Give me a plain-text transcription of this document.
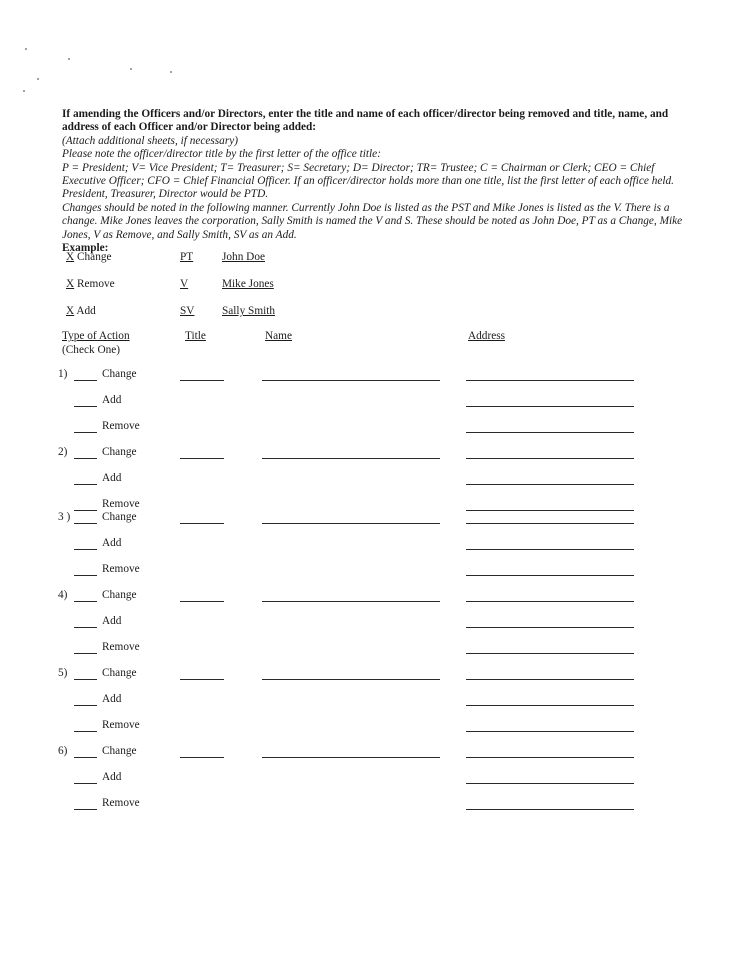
If amending the Officers and/or Directors, enter the title and name of each officer/director being removed and title, name, and address of each Officer and/or Director being added:

(Attach additional sheets, if necessary)

Please note the officer/director title by the first letter of the office title:

P = President; V= Vice President; T= Treasurer; S= Secretary; D= Director; TR= Trustee; C = Chairman or Clerk; CEO = Chief Executive Officer; CFO = Chief Financial Officer. If an officer/director holds more than one title, list the first letter of each office held. President, Treasurer, Director would be PTD.

Changes should be noted in the following manner. Currently John Doe is listed as the PST and Mike Jones is listed as the V. There is a change. Mike Jones leaves the corporation, Sally Smith is named the V and S. These should be noted as John Doe, PT as a Change, Mike Jones, V as Remove, and Sally Smith, SV as an Add.

Example:

X Change	PT	John Doe
X Remove	V	Mike Jones
X Add	SV Sally Smith
Type of Action	Title	Name	Address
(Check One)
1)	Change
Add
Remove
2)	Change
Add
Remove
3 )	Change
Add
Remove
4)	Change
Add
Remove
5)	Change
Add
Remove
6)	Change
Add
Remove
